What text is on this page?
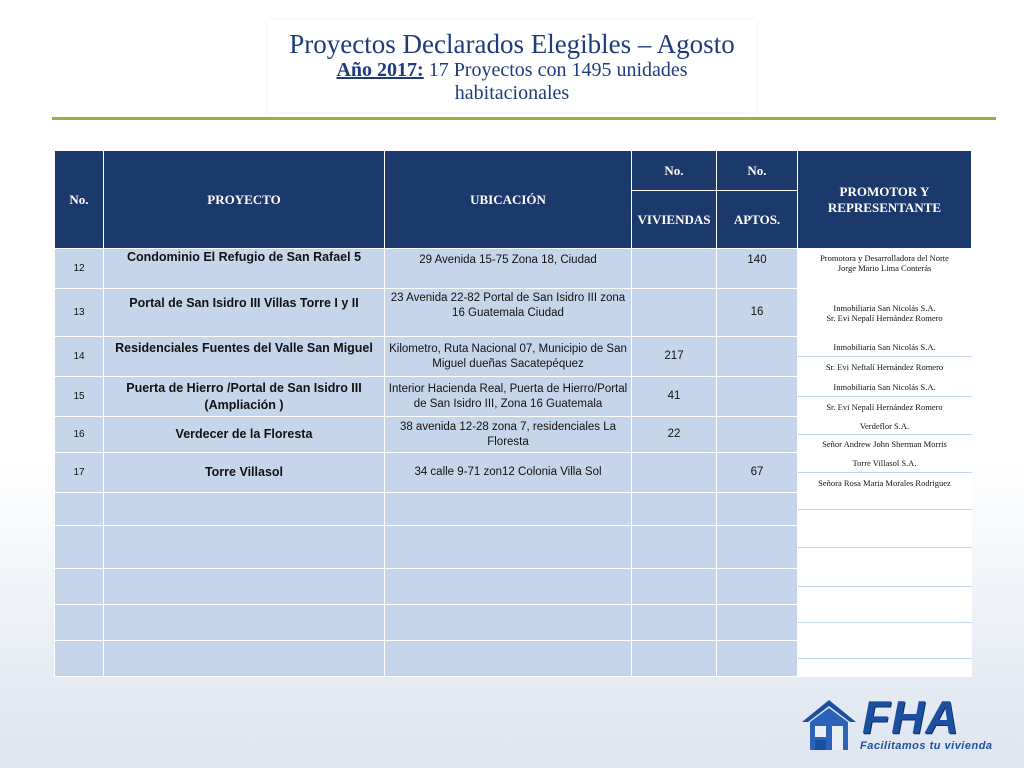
Proyectos Declarados Elegibles – Agosto
Año 2017: 17 Proyectos con 1495 unidades
habitacionales
No.	PROYECTO	UBICACIÓN	No.	No.	PROMOTOR Y REPRESENTANTE
			VIVIENDAS	APTOS.	
12	Condominio El Refugio de San Rafael 5	29 Avenida 15-75 Zona 18, Ciudad		140	Promotora y Desarrolladora del Norte
Jorge Mario Lima Conterás

13	Portal de San Isidro III Villas Torre I y II	23 Avenida 22-82 Portal de San Isidro III zona 16 Guatemala Ciudad		16	Inmobiliaria San Nicolás S.A.
Sr. Evi Nepalí Hernández Romero

14	Residenciales Fuentes del Valle San Miguel	Kilometro, Ruta Nacional 07, Municipio de San Miguel dueñas Sacatepéquez	217		Inmobiliaria San Nicolás S.A.
					Sr. Evi Neftalí Hernández Romero
15	Puerta de Hierro /Portal de San Isidro III (Ampliación )	Interior Hacienda Real, Puerta de Hierro/Portal de San Isidro III, Zona 16 Guatemala	41		Inmobiliaria San Nicolás S.A.
					Sr. Evi Nepalí Hernández Romero
16	Verdecer de la Floresta	38 avenida 12-28 zona 7, residenciales La Floresta	22		Verdeflor S.A.
					Señor Andrew John Sherman Morris
17	Torre Villasol	34 calle 9-71 zon12 Colonia Villa Sol		67	Torre Villasol S.A.
					Señora Rosa Maria Morales Rodriguez

FHA
Facilitamos tu vivienda
